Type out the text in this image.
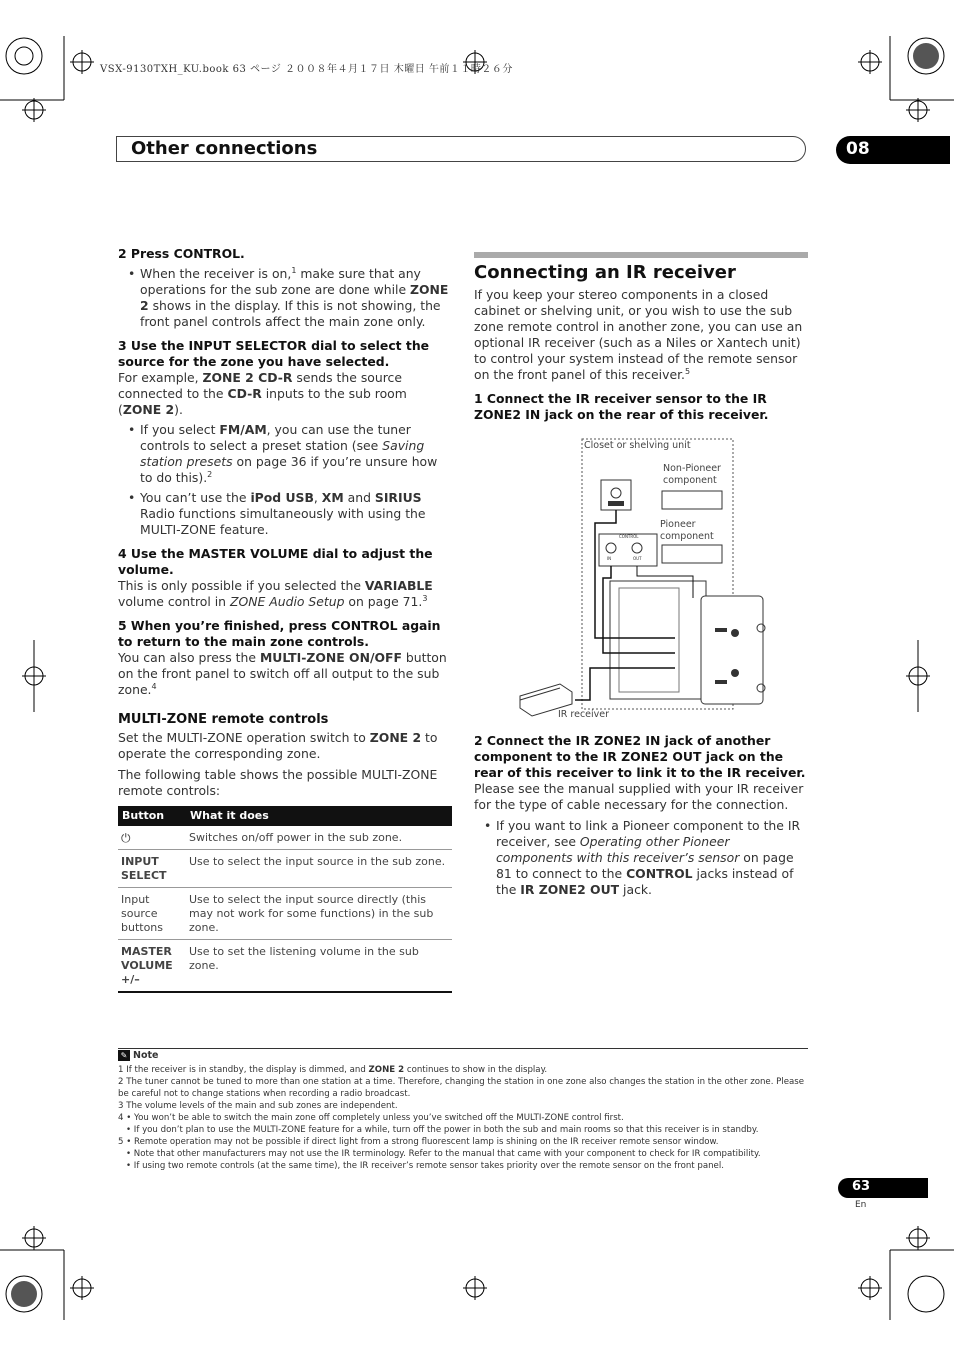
VSX-9130TXH_KU.book 63 ページ ２００８年４月１７日 木曜日 午前１１時２６分
Other connections	08

2 Press CONTROL.

• When the receiver is on,$^1$ make sure that any operations for the sub zone are done while ZONE 2 shows in the display. If this is not showing, the front panel controls affect the main zone only.

3 Use the INPUT SELECTOR dial to select the source for the zone you have selected.

For example, ZONE 2 CD-R sends the source connected to the CD-R inputs to the sub room (ZONE 2).

• If you select FM/AM, you can use the tuner controls to select a preset station (see Saving station presets on page 36 if you’re unsure how to do this).$^2$

• You can’t use the iPod USB, XM and SIRIUS Radio functions simultaneously with using the MULTI-ZONE feature.

4 Use the MASTER VOLUME dial to adjust the volume.

This is only possible if you selected the VARIABLE volume control in ZONE Audio Setup on page 71.$^3$

5 When you’re finished, press CONTROL again to return to the main zone controls.

You can also press the MULTI-ZONE ON/OFF button on the front panel to switch off all output to the sub zone.$^4$

MULTI-ZONE remote controls

Set the MULTI-ZONE operation switch to ZONE 2 to operate the corresponding zone.

The following table shows the possible MULTI-ZONE remote controls:

Button	What it does
⏻	Switches on/off power in the sub zone.
INPUT SELECT	Use to select the input source in the sub zone.
Input source buttons	Use to select the input source directly (this may not work for some functions) in the sub zone.
MASTER VOLUME +/–	Use to set the listening volume in the sub zone.
Connecting an IR receiver

If you keep your stereo components in a closed cabinet or shelving unit, or you wish to use the sub zone remote control in another zone, you can use an optional IR receiver (such as a Niles or Xantech unit) to control your system instead of the remote sensor on the front panel of this receiver.$^5$

1 Connect the IR receiver sensor to the IR ZONE2 IN jack on the rear of this receiver.

Closet or shelving unit
Non-Pioneer
component
Pioneer
component
IR receiver
CONTROL
IN	OUT

2 Connect the IR ZONE2 IN jack of another component to the IR ZONE2 OUT jack on the rear of this receiver to link it to the IR receiver.

Please see the manual supplied with your IR receiver for the type of cable necessary for the connection.

• If you want to link a Pioneer component to the IR receiver, see Operating other Pioneer components with this receiver’s sensor on page 81 to connect to the CONTROL jacks instead of the IR ZONE2 OUT jack.

✎ Note

1 If the receiver is in standby, the display is dimmed, and ZONE 2 continues to show in the display.

2 The tuner cannot be tuned to more than one station at a time. Therefore, changing the station in one zone also changes the station in the other zone. Please be careful not to change stations when recording a radio broadcast.

3 The volume levels of the main and sub zones are independent.

4 • You won’t be able to switch the main zone off completely unless you’ve switched off the MULTI-ZONE control first.

• If you don’t plan to use the MULTI-ZONE feature for a while, turn off the power in both the sub and main rooms so that this receiver is in standby.

5 • Remote operation may not be possible if direct light from a strong fluorescent lamp is shining on the IR receiver remote sensor window.

• Note that other manufacturers may not use the IR terminology. Refer to the manual that came with your component to check for IR compatibility.

• If using two remote controls (at the same time), the IR receiver’s remote sensor takes priority over the remote sensor on the front panel.

63
En
